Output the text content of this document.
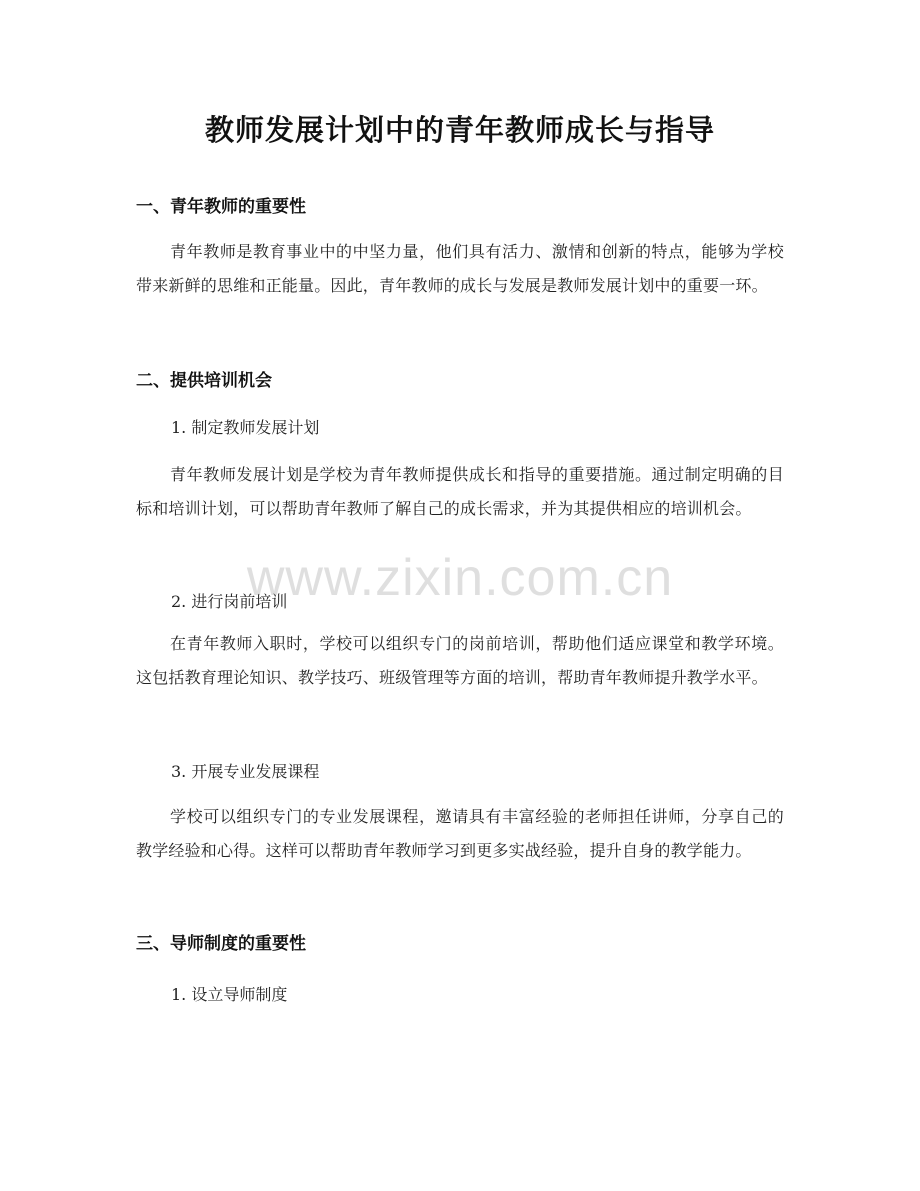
教师发展计划中的青年教师成长与指导
一、青年教师的重要性

青年教师是教育事业中的中坚力量，他们具有活力、激情和创新的特点，能够为学校带来新鲜的思维和正能量。因此，青年教师的成长与发展是教师发展计划中的重要一环。

二、提供培训机会

1. 制定教师发展计划

青年教师发展计划是学校为青年教师提供成长和指导的重要措施。通过制定明确的目标和培训计划，可以帮助青年教师了解自己的成长需求，并为其提供相应的培训机会。

2. 进行岗前培训

在青年教师入职时，学校可以组织专门的岗前培训，帮助他们适应课堂和教学环境。这包括教育理论知识、教学技巧、班级管理等方面的培训，帮助青年教师提升教学水平。

3. 开展专业发展课程

学校可以组织专门的专业发展课程，邀请具有丰富经验的老师担任讲师，分享自己的教学经验和心得。这样可以帮助青年教师学习到更多实战经验，提升自身的教学能力。

三、导师制度的重要性

1. 设立导师制度

www.zixin.com.cn
